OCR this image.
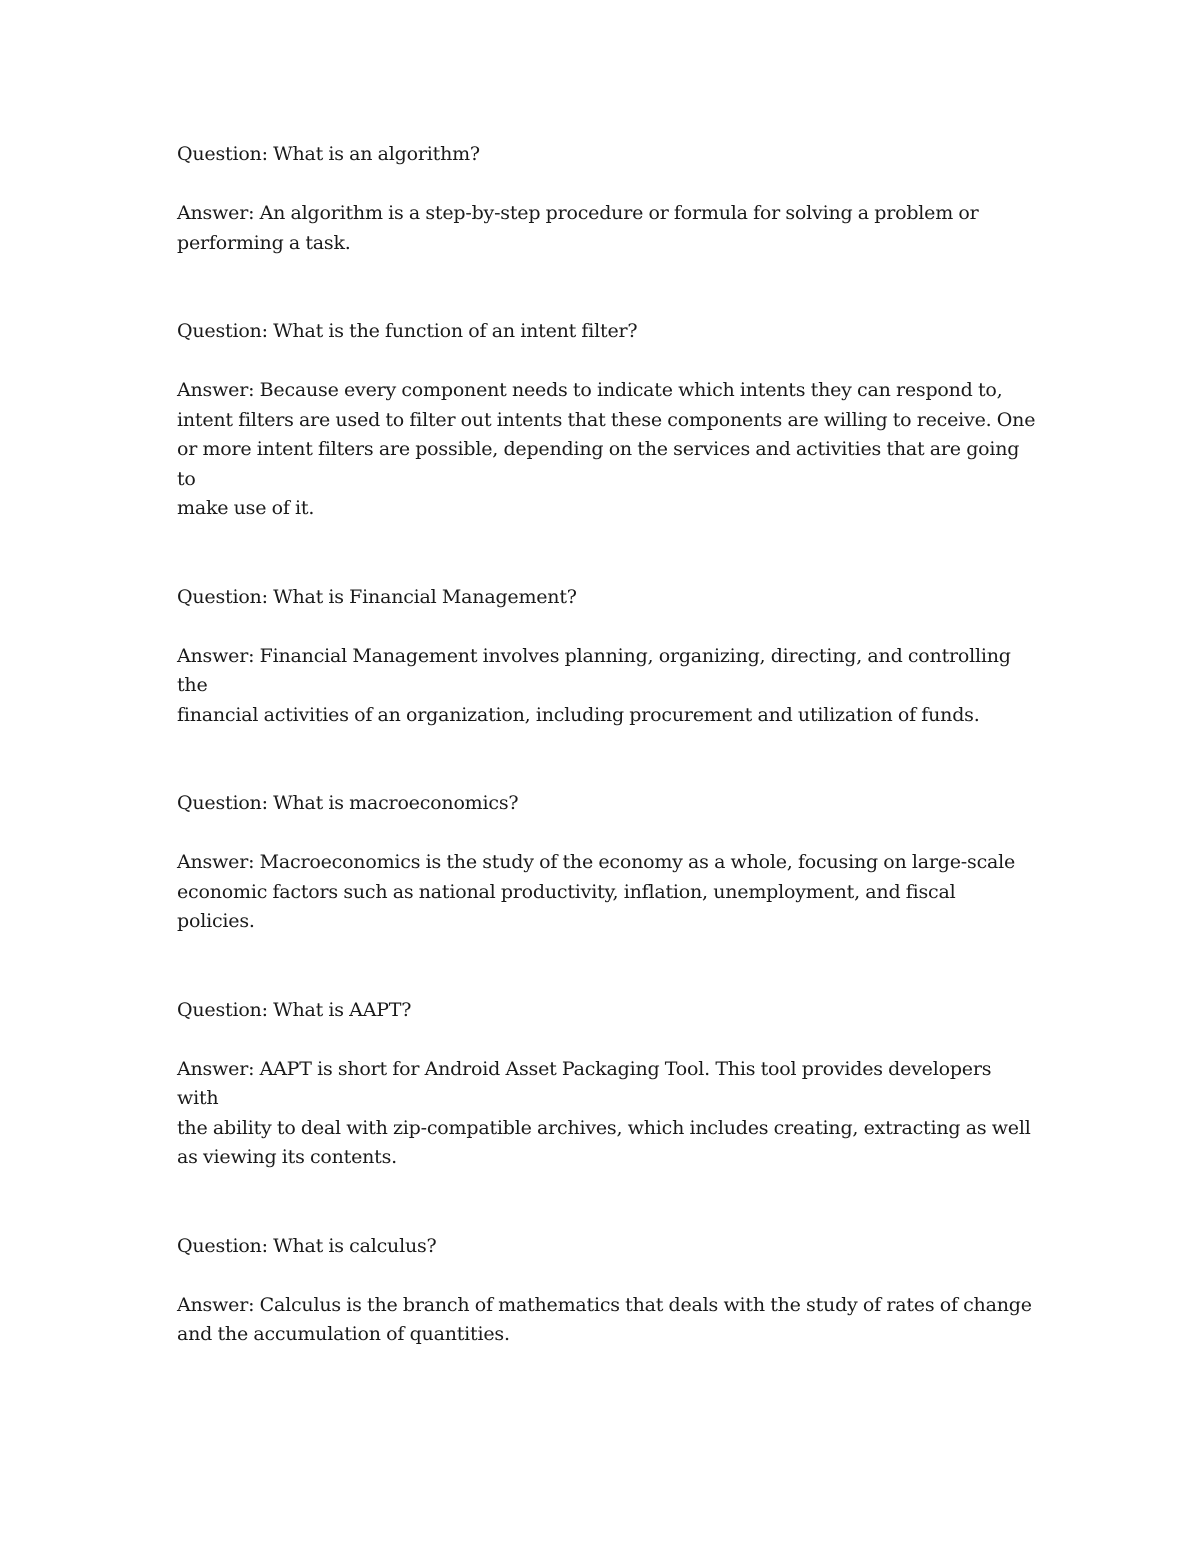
Question: What is an algorithm?

Answer: An algorithm is a step-by-step procedure or formula for solving a problem or
performing a task.

Question: What is the function of an intent filter?

Answer: Because every component needs to indicate which intents they can respond to,
intent filters are used to filter out intents that these components are willing to receive. One
or more intent filters are possible, depending on the services and activities that are going to
make use of it.

Question: What is Financial Management?

Answer: Financial Management involves planning, organizing, directing, and controlling the
financial activities of an organization, including procurement and utilization of funds.

Question: What is macroeconomics?

Answer: Macroeconomics is the study of the economy as a whole, focusing on large-scale
economic factors such as national productivity, inflation, unemployment, and fiscal policies.

Question: What is AAPT?

Answer: AAPT is short for Android Asset Packaging Tool. This tool provides developers with
the ability to deal with zip-compatible archives, which includes creating, extracting as well
as viewing its contents.

Question: What is calculus?

Answer: Calculus is the branch of mathematics that deals with the study of rates of change
and the accumulation of quantities.
